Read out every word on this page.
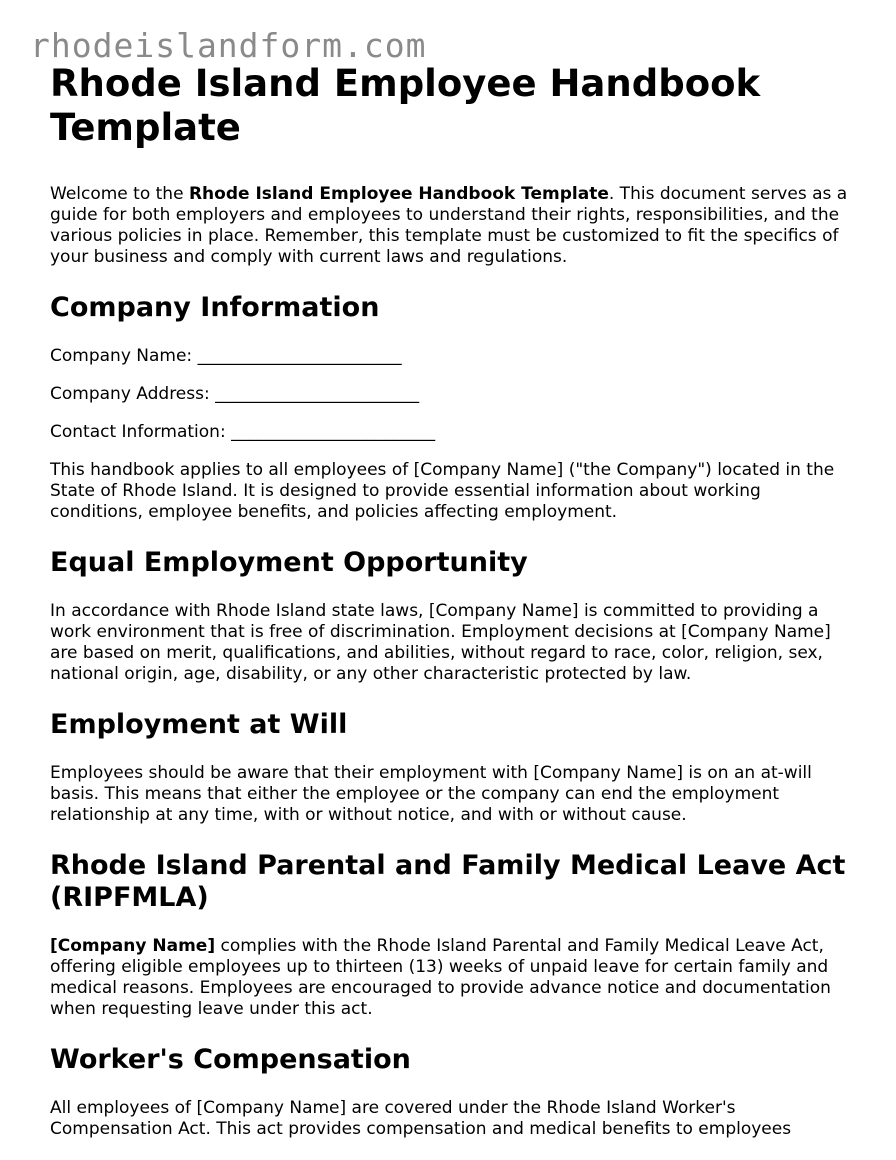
rhodeislandform.com
Rhode Island Employee Handbook Template

Welcome to the Rhode Island Employee Handbook Template. This document serves as a guide for both employers and employees to understand their rights, responsibilities, and the various policies in place. Remember, this template must be customized to fit the specifics of your business and comply with current laws and regulations.

Company Information

Company Name: ________________________

Company Address: ________________________

Contact Information: ________________________

This handbook applies to all employees of [Company Name] ("the Company") located in the State of Rhode Island. It is designed to provide essential information about working conditions, employee benefits, and policies affecting employment.

Equal Employment Opportunity

In accordance with Rhode Island state laws, [Company Name] is committed to providing a work environment that is free of discrimination. Employment decisions at [Company Name] are based on merit, qualifications, and abilities, without regard to race, color, religion, sex, national origin, age, disability, or any other characteristic protected by law.

Employment at Will

Employees should be aware that their employment with [Company Name] is on an at-will basis. This means that either the employee or the company can end the employment relationship at any time, with or without notice, and with or without cause.

Rhode Island Parental and Family Medical Leave Act (RIPFMLA)

[Company Name] complies with the Rhode Island Parental and Family Medical Leave Act, offering eligible employees up to thirteen (13) weeks of unpaid leave for certain family and medical reasons. Employees are encouraged to provide advance notice and documentation when requesting leave under this act.

Worker's Compensation

All employees of [Company Name] are covered under the Rhode Island Worker's Compensation Act. This act provides compensation and medical benefits to employees
